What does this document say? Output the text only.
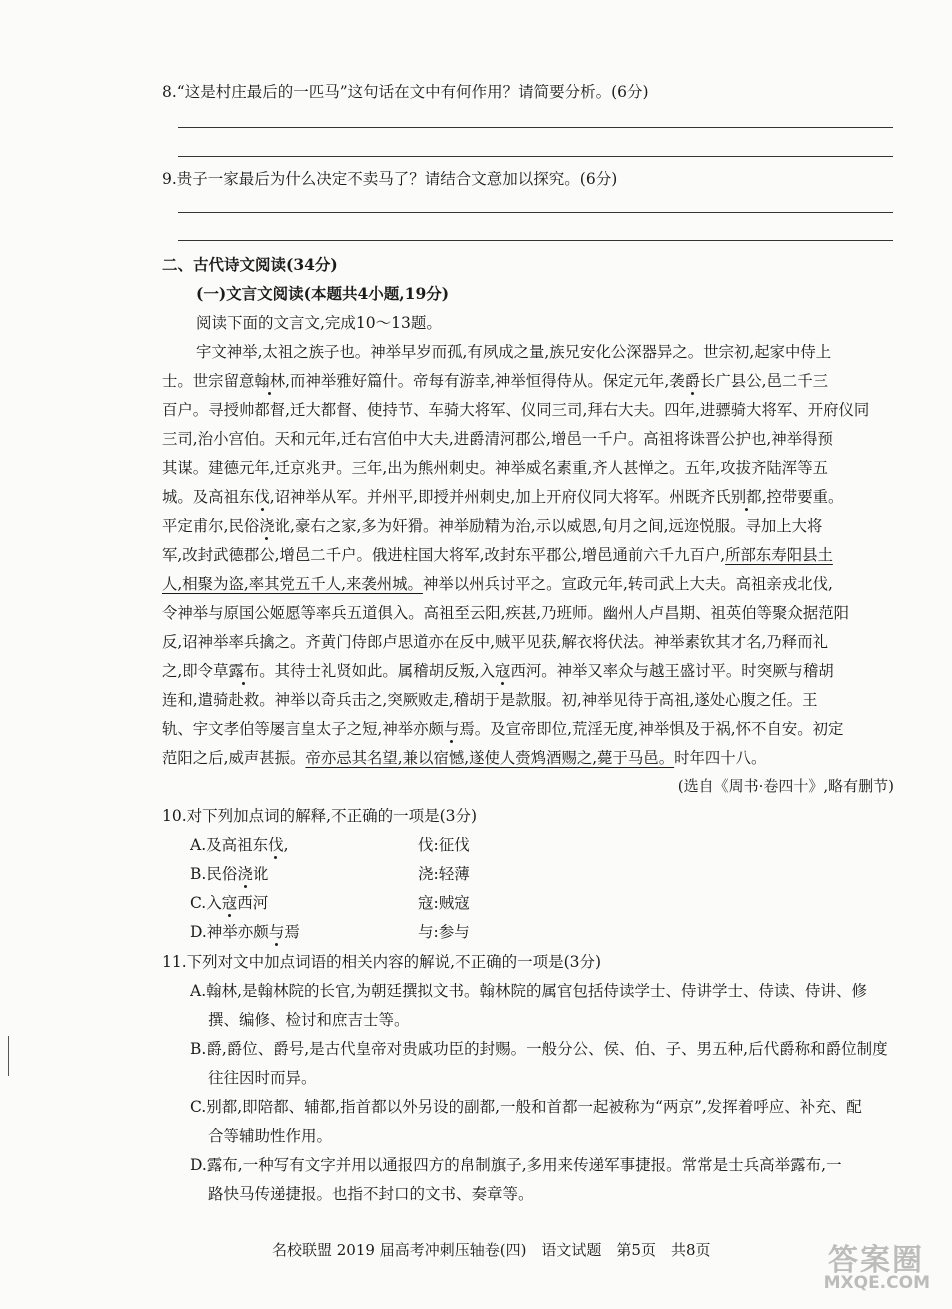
8.“这是村庄最后的一匹马”这句话在文中有何作用？请简要分析。(6分)
9.贵子一家最后为什么决定不卖马了？请结合文意加以探究。(6分)
二、古代诗文阅读(34分)
(一)文言文阅读(本题共4小题,19分)
阅读下面的文言文,完成10～13题。
宇文神举,太祖之族子也。神举早岁而孤,有夙成之量,族兄安化公深器异之。世宗初,起家中侍上
士。世宗留意翰林,而神举雅好篇什。帝每有游幸,神举恒得侍从。保定元年,袭爵长广县公,邑二千三
百户。寻授帅都督,迁大都督、使持节、车骑大将军、仪同三司,拜右大夫。四年,进骠骑大将军、开府仪同
三司,治小宫伯。天和元年,迁右宫伯中大夫,进爵清河郡公,增邑一千户。高祖将诛晋公护也,神举得预
其谋。建德元年,迁京兆尹。三年,出为熊州刺史。神举威名素重,齐人甚惮之。五年,攻拔齐陆浑等五
城。及高祖东伐,诏神举从军。并州平,即授并州刺史,加上开府仪同大将军。州既齐氏别都,控带要重。
平定甫尔,民俗浇讹,豪右之家,多为奸猾。神举励精为治,示以威恩,旬月之间,远迩悦服。寻加上大将
军,改封武德郡公,增邑二千户。俄进柱国大将军,改封东平郡公,增邑通前六千九百户,所部东寿阳县土
人,相聚为盗,率其党五千人,来袭州城。神举以州兵讨平之。宣政元年,转司武上大夫。高祖亲戎北伐,
令神举与原国公姬愿等率兵五道俱入。高祖至云阳,疾甚,乃班师。幽州人卢昌期、祖英伯等聚众据范阳
反,诏神举率兵擒之。齐黄门侍郎卢思道亦在反中,贼平见获,解衣将伏法。神举素钦其才名,乃释而礼
之,即令草露布。其待士礼贤如此。属稽胡反叛,入寇西河。神举又率众与越王盛讨平。时突厥与稽胡
连和,遣骑赴救。神举以奇兵击之,突厥败走,稽胡于是款服。初,神举见待于高祖,遂处心腹之任。王
轨、宇文孝伯等屡言皇太子之短,神举亦颇与焉。及宣帝即位,荒淫无度,神举惧及于祸,怀不自安。初定
范阳之后,威声甚振。帝亦忌其名望,兼以宿憾,遂使人赍鸩酒赐之,薨于马邑。时年四十八。
(选自《周书·卷四十》,略有删节)
10.对下列加点词的解释,不正确的一项是(3分)
A.及高祖东伐,	伐:征伐
B.民俗浇讹	浇:轻薄
C.入寇西河	寇:贼寇
D.神举亦颇与焉	与:参与
11.下列对文中加点词语的相关内容的解说,不正确的一项是(3分)
A.翰林,是翰林院的长官,为朝廷撰拟文书。翰林院的属官包括侍读学士、侍讲学士、侍读、侍讲、修
撰、编修、检讨和庶吉士等。
B.爵,爵位、爵号,是古代皇帝对贵戚功臣的封赐。一般分公、侯、伯、子、男五种,后代爵称和爵位制度
往往因时而异。
C.别都,即陪都、辅都,指首都以外另设的副都,一般和首都一起被称为“两京”,发挥着呼应、补充、配
合等辅助性作用。
D.露布,一种写有文字并用以通报四方的帛制旗子,多用来传递军事捷报。常常是士兵高举露布,一
路快马传递捷报。也指不封口的文书、奏章等。
名校联盟 2019 届高考冲刺压轴卷(四)　语文试题　第5页　共8页	答案圈
MXQE.COM
